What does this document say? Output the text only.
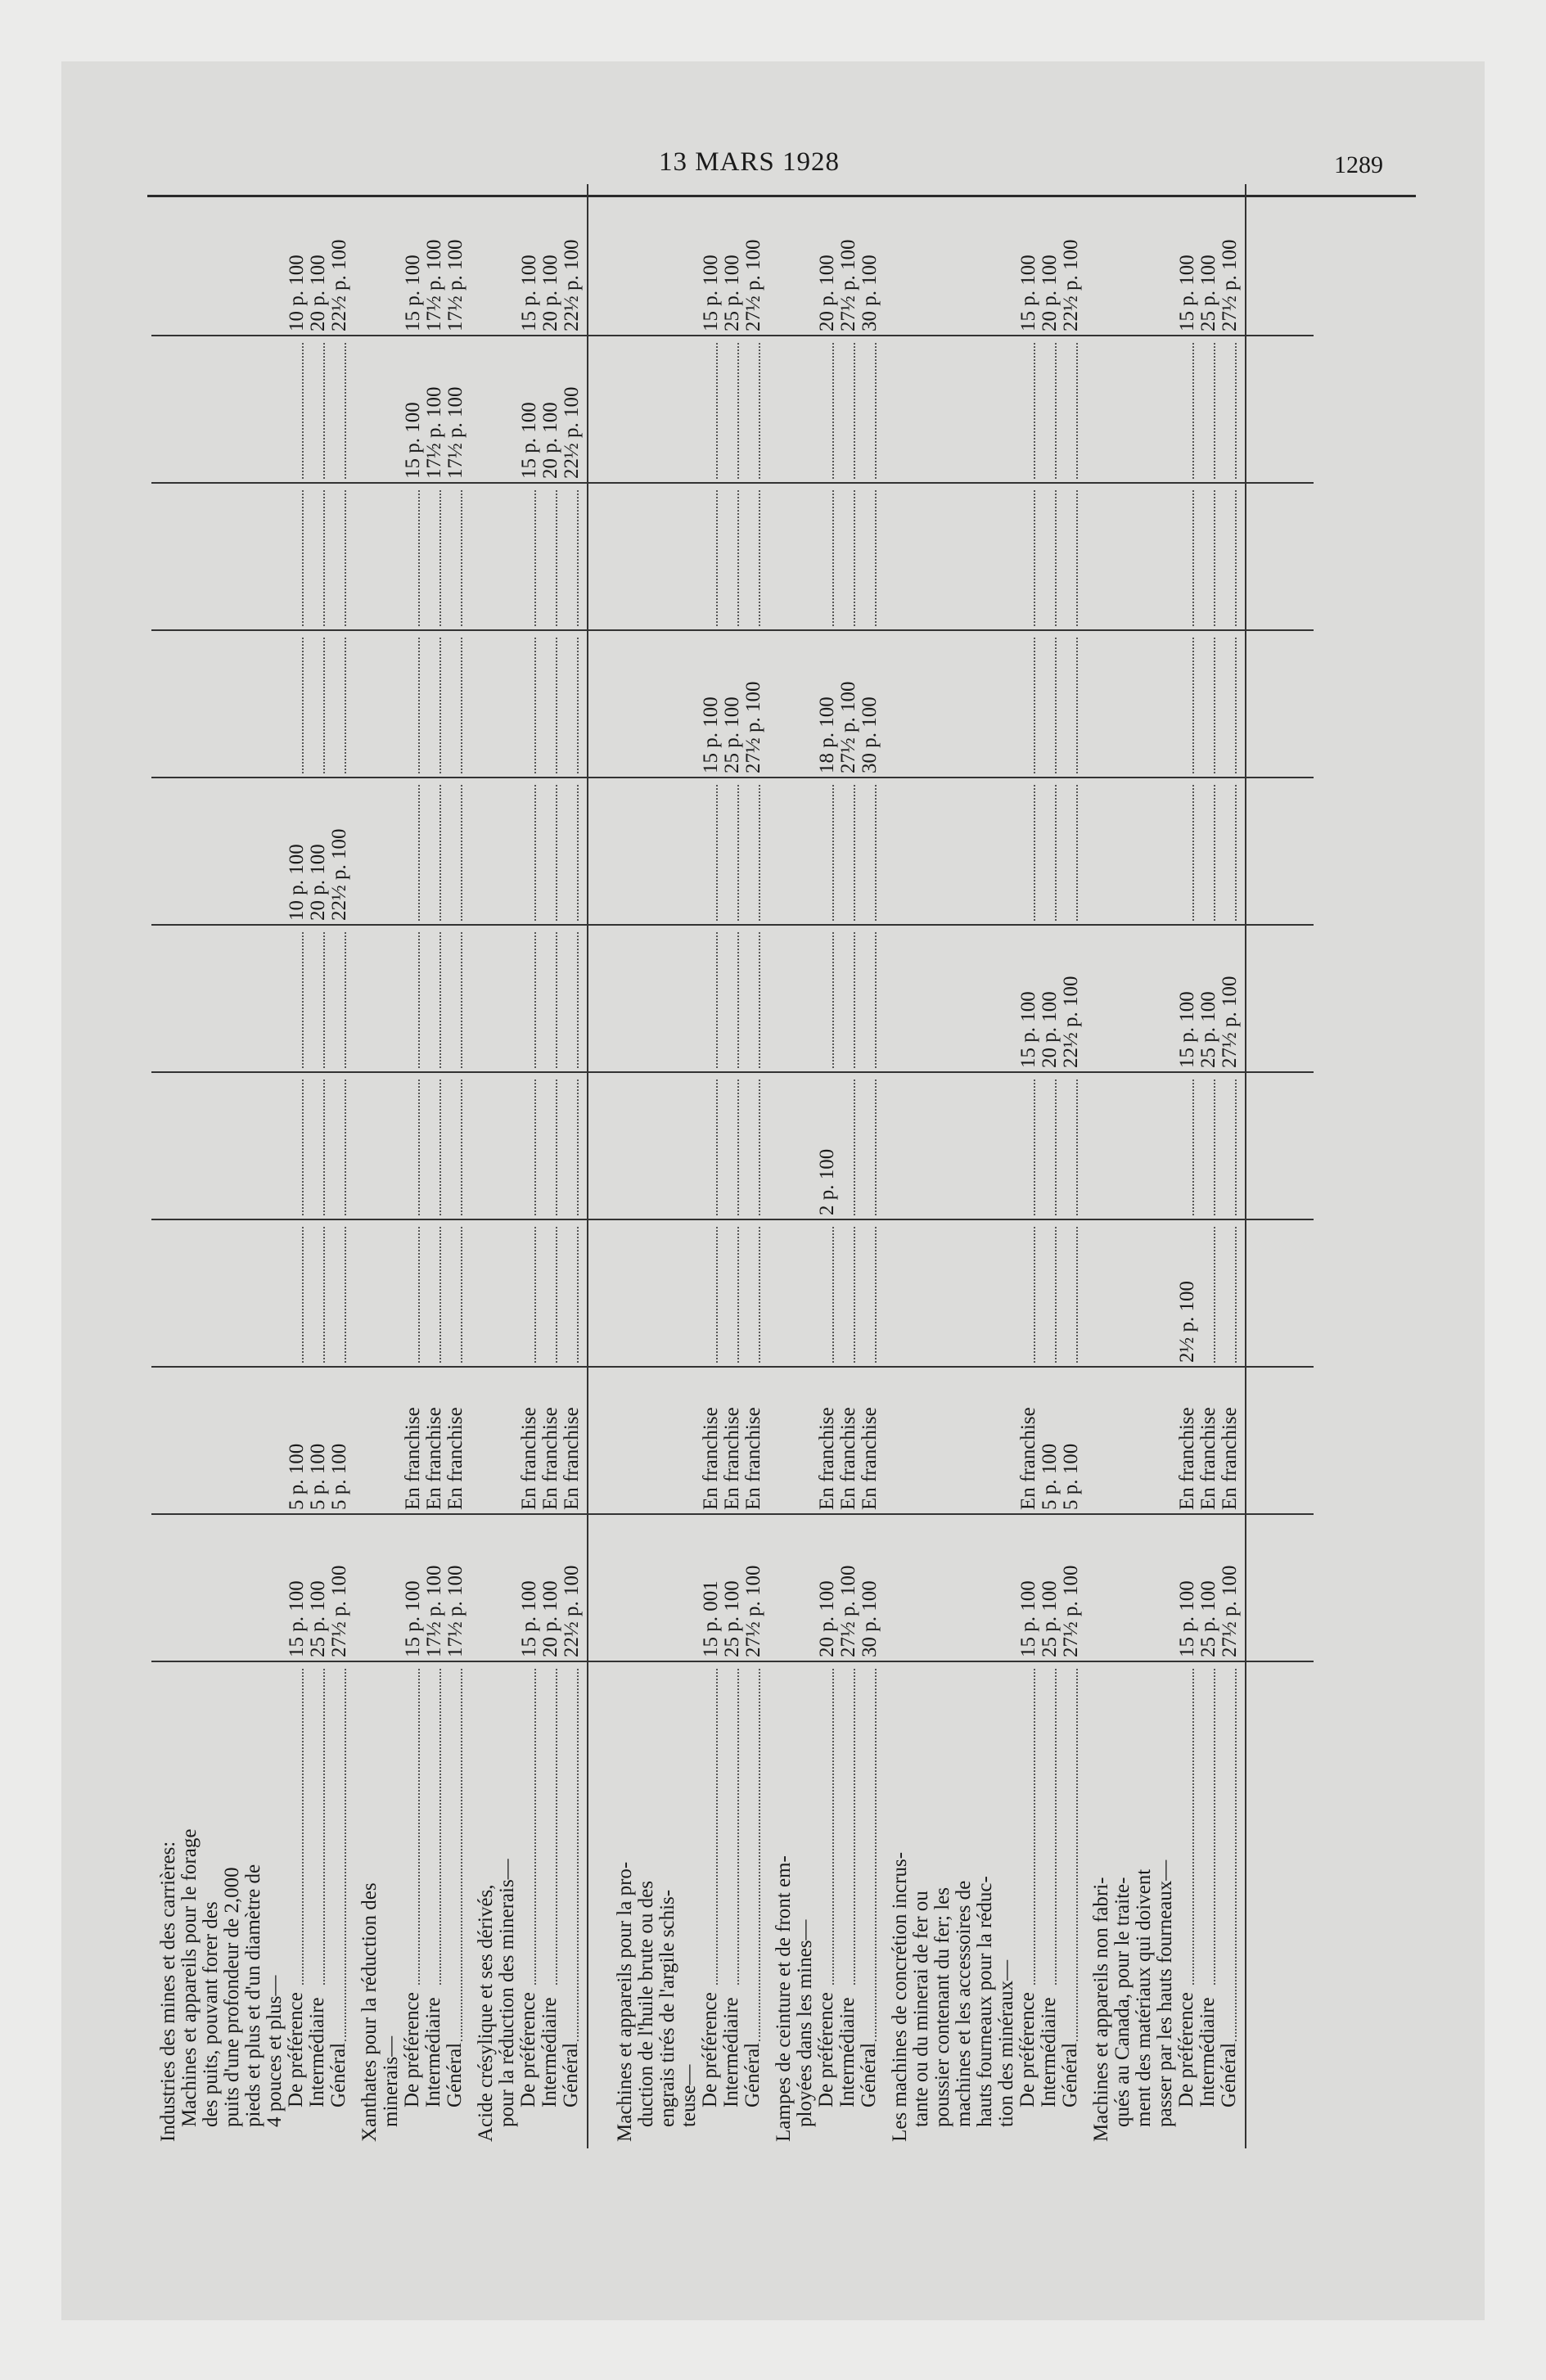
13 MARS 1928	1289
Industries des mines et des carrières: Machines et appareils pour le forage des puits, pouvant forer des puits d'une profondeur de 2,000 pieds et plus et d'un diamètre de 4 pouces et plus— De préférence
15 p. 100
5 p. 100
10 p. 100
10 p. 100
Intermédiaire
25 p. 100
5 p. 100
20 p. 100
20 p. 100
Général
27½ p. 100
5 p. 100
22½ p. 100
22½ p. 100
Xanthates pour la réduction des minerais— De préférence
15 p. 100
En franchise
15 p. 100
15 p. 100
Intermédiaire
17½ p. 100
En franchise
17½ p. 100
17½ p. 100
Général
17½ p. 100
En franchise
17½ p. 100
17½ p. 100
Acide crésylique et ses dérivés, pour la réduction des minerais— De préférence
15 p. 100
En franchise
15 p. 100
15 p. 100
Intermédiaire
20 p. 100
En franchise
20 p. 100
20 p. 100
Général
22½ p. 100
En franchise
22½ p. 100
22½ p. 100
Machines et appareils pour la pro- duction de l'huile brute ou des engrais tirés de l'argile schis- teuse— De préférence
15 p. 001
En franchise
15 p. 100
15 p. 100
Intermédiaire
25 p. 100
En franchise
25 p. 100
25 p. 100
Général
27½ p. 100
En franchise
27½ p. 100
27½ p. 100
Lampes de ceinture et de front em- ployées dans les mines— De préférence
20 p. 100
En franchise
2 p. 100
18 p. 100
20 p. 100
Intermédiaire
27½ p. 100
En franchise
27½ p. 100
27½ p. 100
Général
30 p. 100
En franchise
30 p. 100
30 p. 100
Les machines de concrétion incrus- tante ou du minerai de fer ou poussier contenant du fer; les machines et les accessoires de hauts fourneaux pour la réduc- tion des minéraux— De préférence
15 p. 100
En franchise
15 p. 100
15 p. 100
Intermédiaire
25 p. 100
5 p. 100
20 p. 100
20 p. 100
Général
27½ p. 100
5 p. 100
22½ p. 100
22½ p. 100
Machines et appareils non fabri- qués au Canada, pour le traite- ment des matériaux qui doivent passer par les hauts fourneaux— De préférence
15 p. 100
En franchise
2½ p. 100
15 p. 100
15 p. 100
Intermédiaire
25 p. 100
En franchise
25 p. 100
25 p. 100
Général
27½ p. 100
En franchise
27½ p. 100
27½ p. 100
